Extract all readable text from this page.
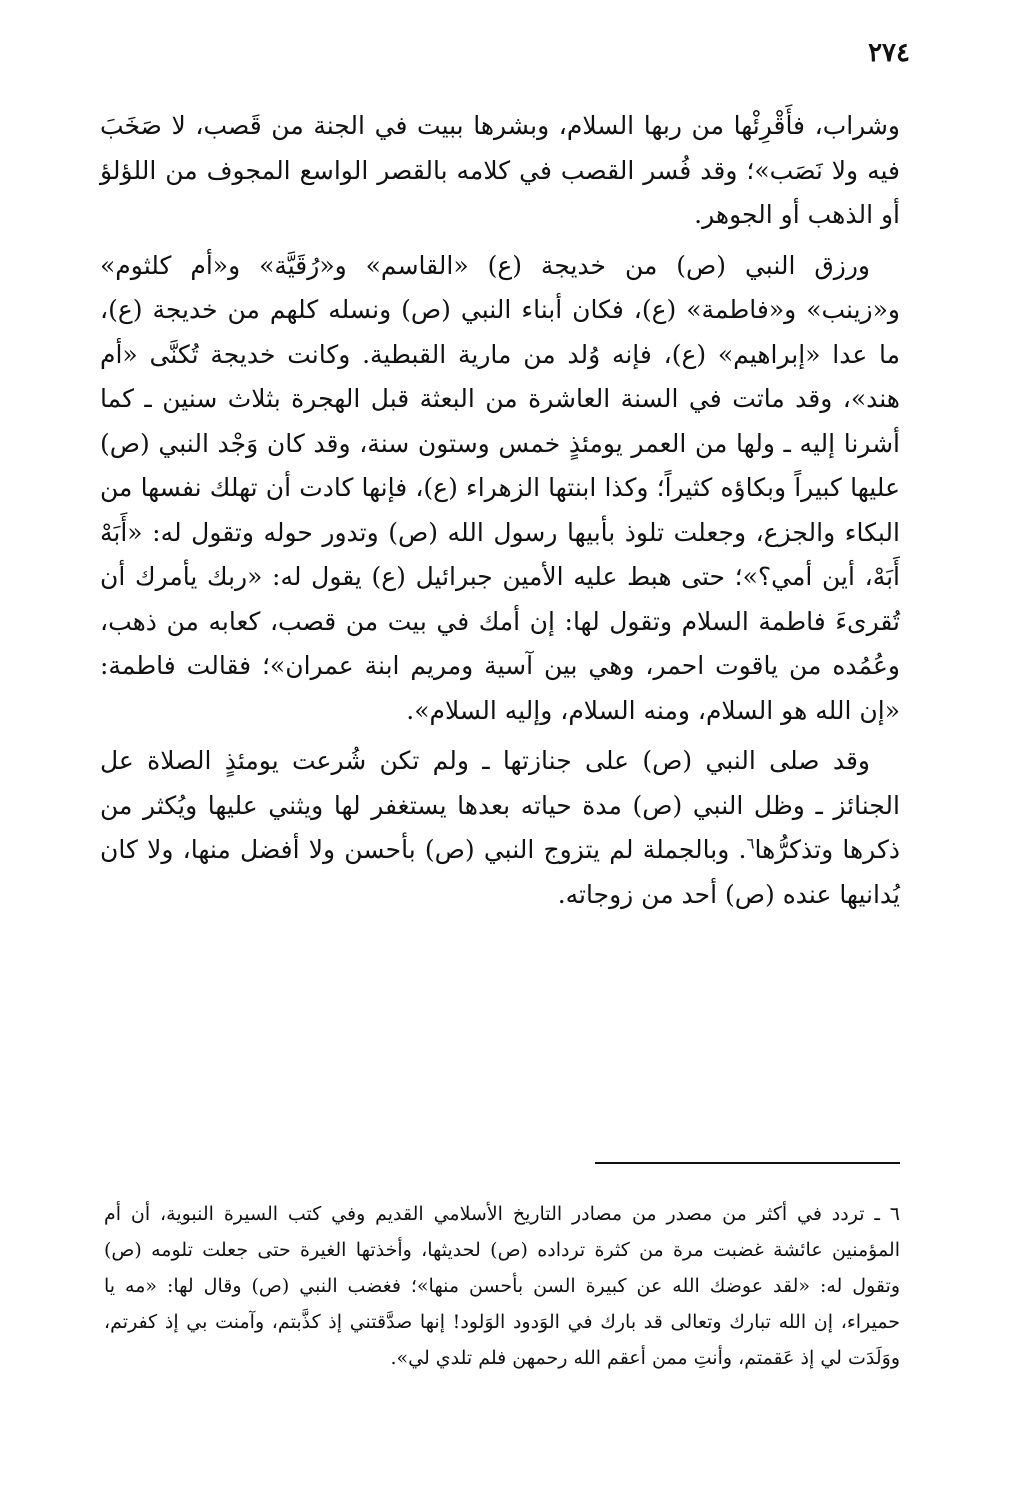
٢٧٤

وشراب، فأَقْرِئْها من ربها السلام، وبشرها ببيت في الجنة من قَصب، لا صَخَبَ فيه ولا نَصَب»؛ وقد فُسر القصب في كلامه بالقصر الواسع المجوف من اللؤلؤ أو الذهب أو الجوهر.

ورزق النبي (ص) من خديجة (ع) «القاسم» و«رُقَيَّة» و«أم كلثوم» و«زينب» و«فاطمة» (ع)، فكان أبناء النبي (ص) ونسله كلهم من خديجة (ع)، ما عدا «إبراهيم» (ع)، فإنه وُلد من مارية القبطية. وكانت خديجة تُكنَّى «أم هند»، وقد ماتت في السنة العاشرة من البعثة قبل الهجرة بثلاث سنين ـ كما أشرنا إليه ـ ولها من العمر يومئذٍ خمس وستون سنة، وقد كان وَجْد النبي (ص) عليها كبيراً وبكاؤه كثيراً؛ وكذا ابنتها الزهراء (ع)، فإنها كادت أن تهلك نفسها من البكاء والجزع، وجعلت تلوذ بأبيها رسول الله (ص) وتدور حوله وتقول له: «أَبَهْ أَبَهْ، أين أمي؟»؛ حتى هبط عليه الأمين جبرائيل (ع) يقول له: «ربك يأمرك أن تُقرىءَ فاطمة السلام وتقول لها: إن أمك في بيت من قصب، كعابه من ذهب، وعُمُده من ياقوت احمر، وهي بين آسية ومريم ابنة عمران»؛ فقالت فاطمة: «إن الله هو السلام، ومنه السلام، وإليه السلام».

وقد صلى النبي (ص) على جنازتها ـ ولم تكن شُرعت يومئذٍ الصلاة عل الجنائز ـ وظل النبي (ص) مدة حياته بعدها يستغفر لها ويثني عليها ويُكثر من ذكرها وتذكرُّها$^٦$. وبالجملة لم يتزوج النبي (ص) بأحسن ولا أفضل منها، ولا كان يُدانيها عنده (ص) أحد من زوجاته.

٦ ـ تردد في أكثر من مصدر من مصادر التاريخ الأسلامي القديم وفي كتب السيرة النبوية، أن أم المؤمنين عائشة غضبت مرة من كثرة ترداده (ص) لحديثها، وأخذتها الغيرة حتى جعلت تلومه (ص) وتقول له: «لقد عوضك الله عن كبيرة السن بأحسن منها»؛ فغضب النبي (ص) وقال لها: «مه يا حميراء، إن الله تبارك وتعالى قد بارك في الوَدود الوَلود! إنها صدَّقتني إذ كذَّبتم، وآمنت بي إذ كفرتم، ووَلَدَت لي إذ عَقمتم، وأنتِ ممن أعقم الله رحمهن فلم تلدي لي».
